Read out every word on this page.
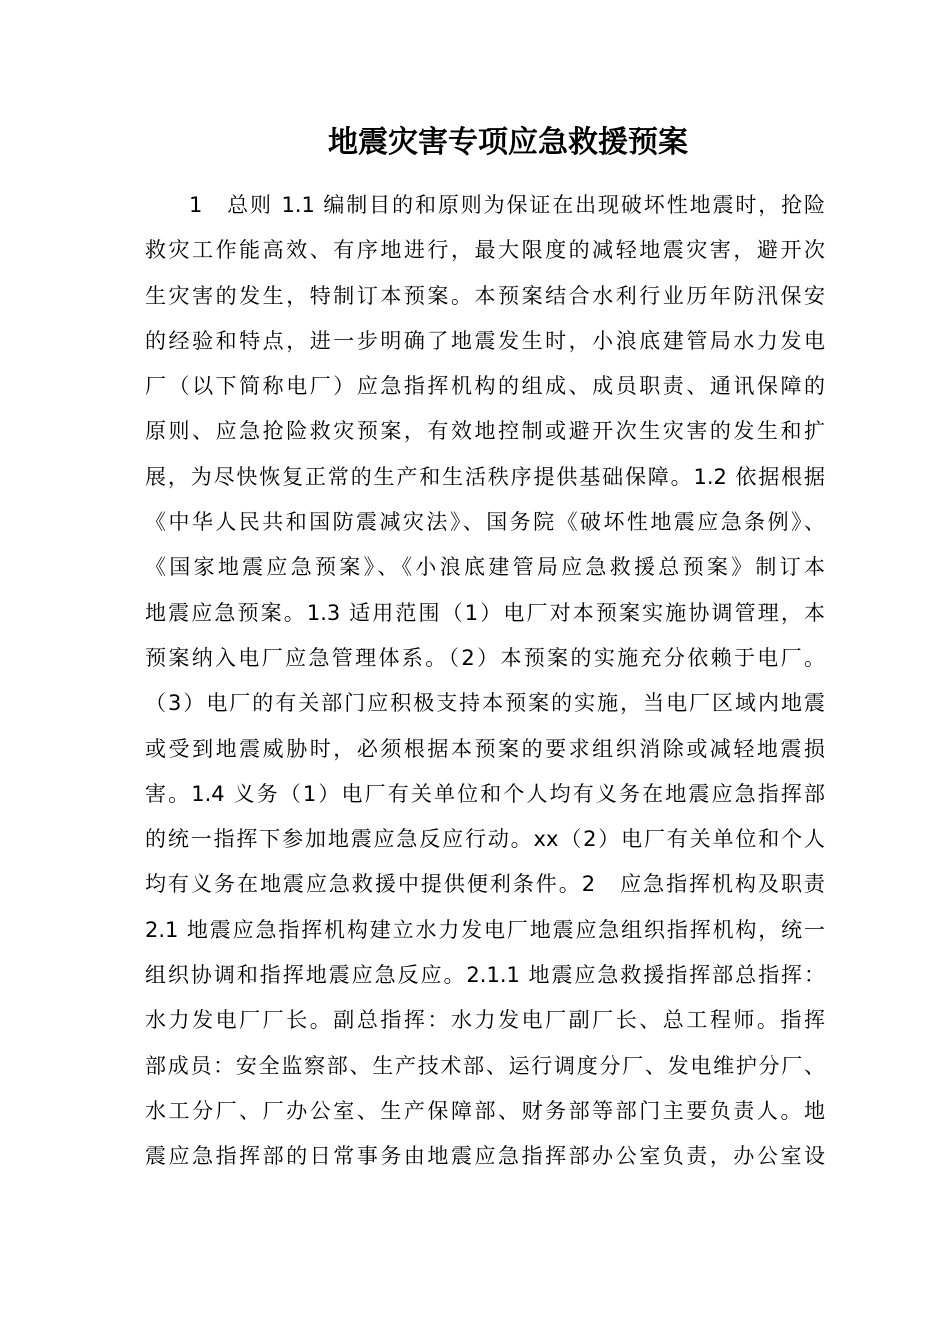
地震灾害专项应急救援预案
1　总则 1.1 编制目的和原则为保证在出现破坏性地震时，抢险
救灾工作能高效、有序地进行，最大限度的减轻地震灾害，避开次
生灾害的发生，特制订本预案。本预案结合水利行业历年防汛保安
的经验和特点，进一步明确了地震发生时，小浪底建管局水力发电
厂（以下简称电厂）应急指挥机构的组成、成员职责、通讯保障的
原则、应急抢险救灾预案，有效地控制或避开次生灾害的发生和扩
展，为尽快恢复正常的生产和生活秩序提供基础保障。1.2 依据根据
《中华人民共和国防震减灾法》、国务院《破坏性地震应急条例》、
《国家地震应急预案》、《小浪底建管局应急救援总预案》制订本
地震应急预案。1.3 适用范围（1）电厂对本预案实施协调管理，本
预案纳入电厂应急管理体系。（2）本预案的实施充分依赖于电厂。
（3）电厂的有关部门应积极支持本预案的实施，当电厂区域内地震
或受到地震威胁时，必须根据本预案的要求组织消除或减轻地震损
害。1.4 义务（1）电厂有关单位和个人均有义务在地震应急指挥部
的统一指挥下参加地震应急反应行动。xx（2）电厂有关单位和个人
均有义务在地震应急救援中提供便利条件。2　应急指挥机构及职责
2.1 地震应急指挥机构建立水力发电厂地震应急组织指挥机构，统一
组织协调和指挥地震应急反应。2.1.1 地震应急救援指挥部总指挥：
水力发电厂厂长。副总指挥：水力发电厂副厂长、总工程师。指挥
部成员：安全监察部、生产技术部、运行调度分厂、发电维护分厂、
水工分厂、厂办公室、生产保障部、财务部等部门主要负责人。地
震应急指挥部的日常事务由地震应急指挥部办公室负责，办公室设
